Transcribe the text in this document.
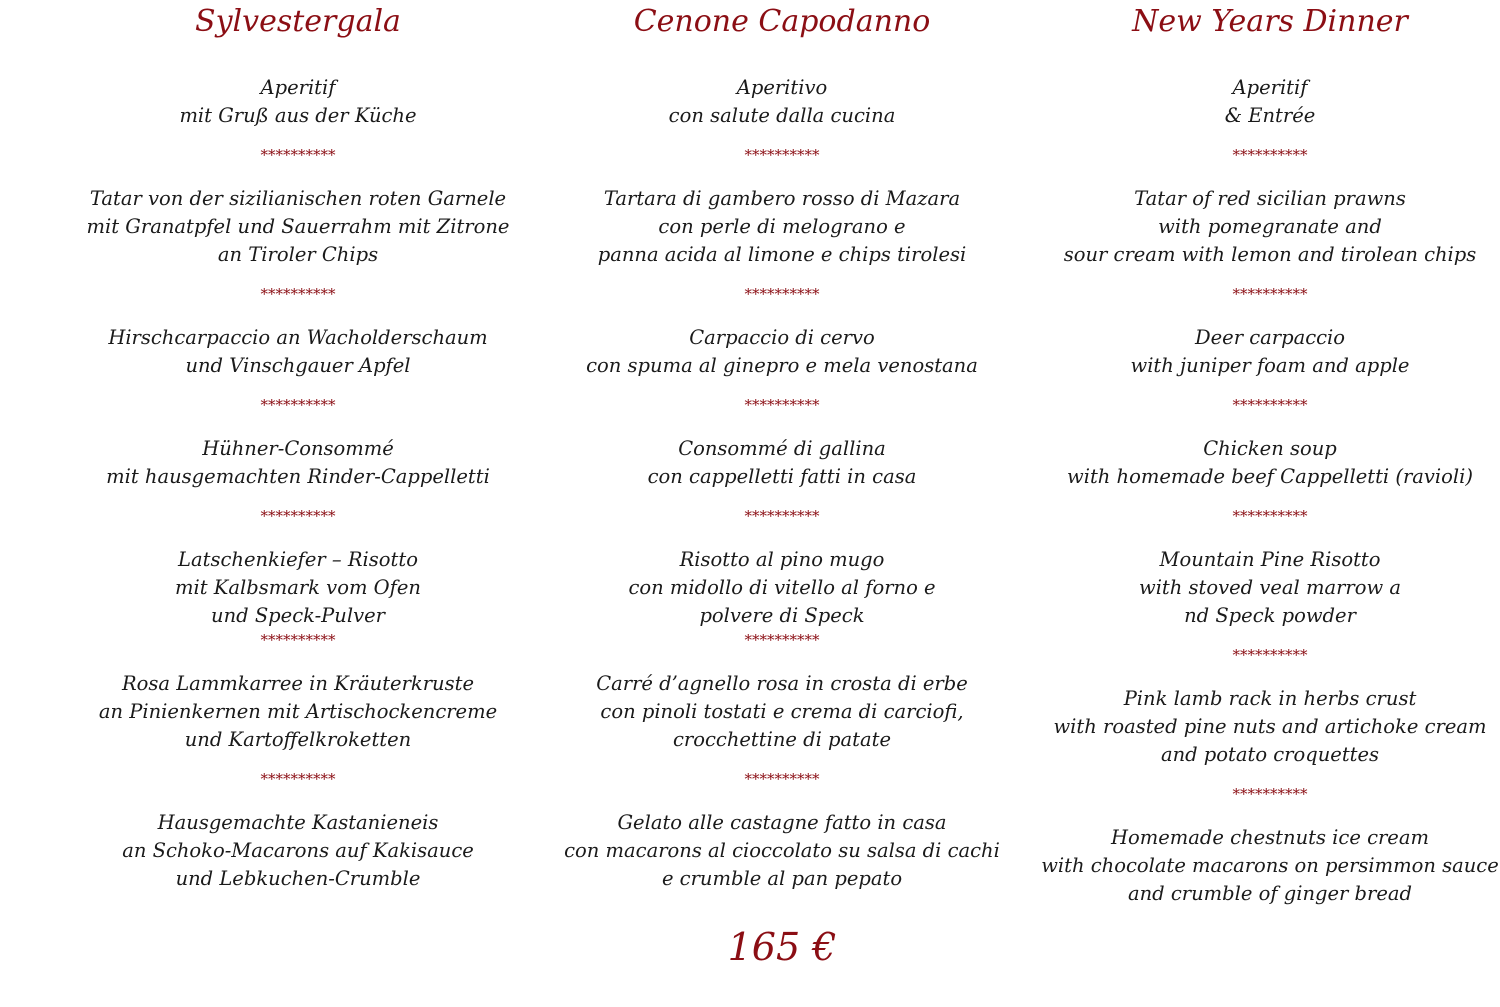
Sylvestergala
Aperitif
mit Gruß aus der Küche
**********
Tatar von der sizilianischen roten Garnele
mit Granatpfel und Sauerrahm mit Zitrone
an Tiroler Chips
**********
Hirschcarpaccio an Wacholderschaum
und Vinschgauer Apfel
**********
Hühner-Consommé
mit hausgemachten Rinder-Cappelletti
**********
Latschenkiefer – Risotto
mit Kalbsmark vom Ofen
und Speck-Pulver
**********
Rosa Lammkarree in Kräuterkruste
an Pinienkernen mit Artischockencreme
und Kartoffelkroketten
**********
Hausgemachte Kastanieneis
an Schoko-Macarons auf Kakisauce
und Lebkuchen-Crumble
Cenone Capodanno
Aperitivo
con salute dalla cucina
**********
Tartara di gambero rosso di Mazara
con perle di melograno e
panna acida al limone e chips tirolesi
**********
Carpaccio di cervo
con spuma al ginepro e mela venostana
**********
Consommé di gallina
con cappelletti fatti in casa
**********
Risotto al pino mugo
con midollo di vitello al forno e
polvere di Speck
**********
Carré d’agnello rosa in crosta di erbe
con pinoli tostati e crema di carciofi,
crocchettine di patate
**********
Gelato alle castagne fatto in casa
con macarons al cioccolato su salsa di cachi
e crumble al pan pepato
New Years Dinner
Aperitif
& Entrée
**********
Tatar of red sicilian prawns
with pomegranate and
sour cream with lemon and tirolean chips
**********
Deer carpaccio
with juniper foam and apple
**********
Chicken soup
with homemade beef Cappelletti (ravioli)
**********
Mountain Pine Risotto
with stoved veal marrow a
nd Speck powder
**********
Pink lamb rack in herbs crust
with roasted pine nuts and artichoke cream
and potato croquettes
**********
Homemade chestnuts ice cream
with chocolate macarons on persimmon sauce
and crumble of ginger bread
165 €
